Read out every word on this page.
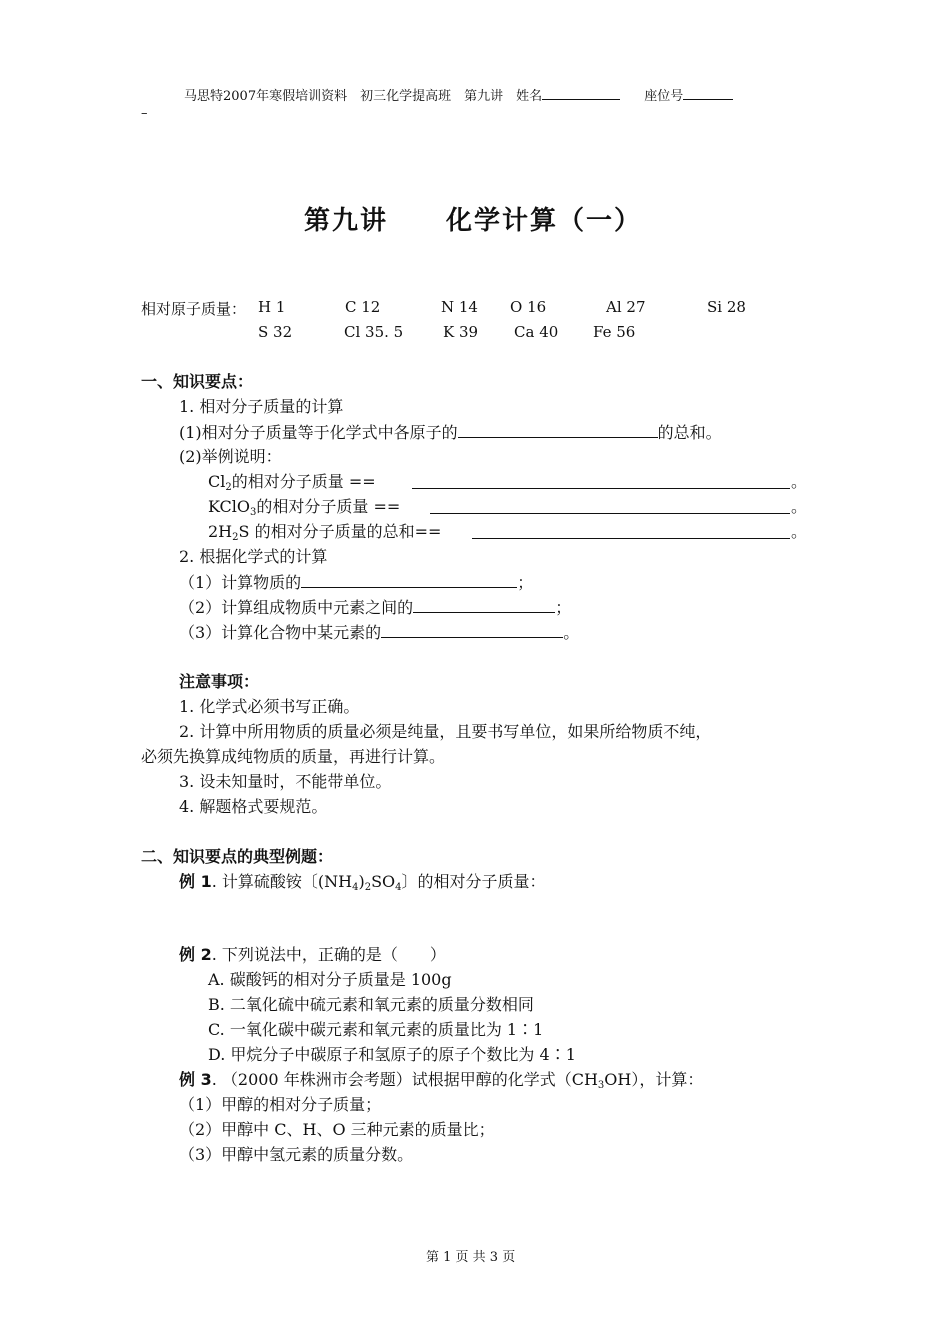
马思特2007年寒假培训资料　初三化学提高班　第九讲　姓名	座位号
–
第九讲 化学计算（一）
相对原子质量： H 1	C 12	N 14 O 16	Al 27	Si 28
S 32	Cl 35. 5	K 39 Ca 40 Fe 56
一、知识要点：
1. 相对分子质量的计算
(1)相对分子质量等于化学式中各原子的	的总和。
(2)举例说明：
$Cl_2$的相对分子质量 ==	。
KClO$_3$的相对分子质量 ==	。
$2H_2S$ 的相对分子质量的总和==	。
2. 根据化学式的计算
（1）计算物质的	；
（2）计算组成物质中元素之间的	；
（3）计算化合物中某元素的	。
注意事项：
1. 化学式必须书写正确。
2. 计算中所用物质的质量必须是纯量，且要书写单位，如果所给物质不纯，
必须先换算成纯物质的质量，再进行计算。
3. 设未知量时，不能带单位。
4. 解题格式要规范。
二、知识要点的典型例题：
例 1. 计算硫酸铵〔$(NH_4)_2SO_4$〕的相对分子质量：
例 2. 下列说法中，正确的是（　　）
A. 碳酸钙的相对分子质量是 100g
B. 二氧化硫中硫元素和氧元素的质量分数相同
C. 一氧化碳中碳元素和氧元素的质量比为 1∶1
D. 甲烷分子中碳原子和氢原子的原子个数比为 4∶1
例 3. （2000 年株洲市会考题）试根据甲醇的化学式$(CH_3OH)$，计算：
（1）甲醇的相对分子质量；
（2）甲醇中 C、H、O 三种元素的质量比；
（3）甲醇中氢元素的质量分数。
第 1 页 共 3 页
